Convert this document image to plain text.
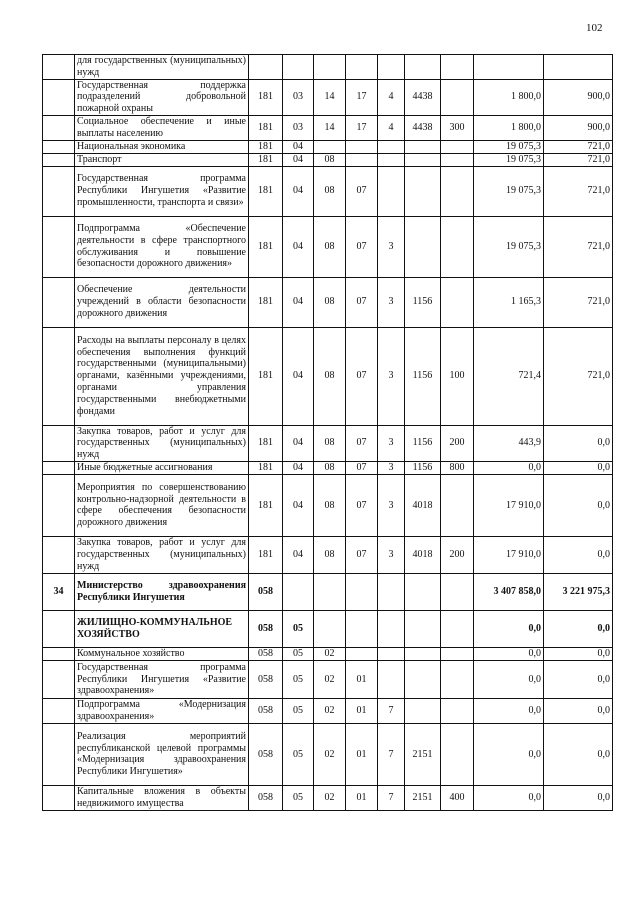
102
	для государственных (муниципальных) нужд									
	Государственная поддержка подразделений добровольной пожарной охраны	181	03	14	17	4	4438		1 800,0	900,0
	Социальное обеспечение и иные выплаты населению	181	03	14	17	4	4438	300	1 800,0	900,0
	Национальная экономика	181	04						19 075,3	721,0
	Транспорт	181	04	08					19 075,3	721,0
	Государственная программа Республики Ингушетия «Развитие промышленности, транспорта и связи»	181	04	08	07				19 075,3	721,0
	Подпрограмма «Обеспечение деятельности в сфере транспортного обслуживания и повышение безопасности дорожного движения»	181	04	08	07	3			19 075,3	721,0
	Обеспечение деятельности учреждений в области безопасности дорожного движения	181	04	08	07	3	1156		1 165,3	721,0
	Расходы на выплаты персоналу в целях обеспечения выполнения функций государственными (муниципальными) органами, казёнными учреждениями, органами управления государственными внебюджетными фондами	181	04	08	07	3	1156	100	721,4	721,0
	Закупка товаров, работ и услуг для государственных (муниципальных) нужд	181	04	08	07	3	1156	200	443,9	0,0
	Иные бюджетные ассигнования	181	04	08	07	3	1156	800	0,0	0,0
	Мероприятия по совершенствованию контрольно-надзорной деятельности в сфере обеспечения безопасности дорожного движения	181	04	08	07	3	4018		17 910,0	0,0
	Закупка товаров, работ и услуг для государственных (муниципальных) нужд	181	04	08	07	3	4018	200	17 910,0	0,0
34	Министерство здравоохранения Республики Ингушетия	058							3 407 858,0	3 221 975,3
	ЖИЛИЩНО-КОММУНАЛЬНОЕ ХОЗЯЙСТВО	058	05						0,0	0,0
	Коммунальное хозяйство	058	05	02					0,0	0,0
	Государственная программа Республики Ингушетия «Развитие здравоохранения»	058	05	02	01				0,0	0,0
	Подпрограмма «Модернизация здравоохранения»	058	05	02	01	7			0,0	0,0
	Реализация мероприятий республиканской целевой программы «Модернизация здравоохранения Республики Ингушетия»	058	05	02	01	7	2151		0,0	0,0
	Капитальные вложения в объекты недвижимого имущества	058	05	02	01	7	2151	400	0,0	0,0
